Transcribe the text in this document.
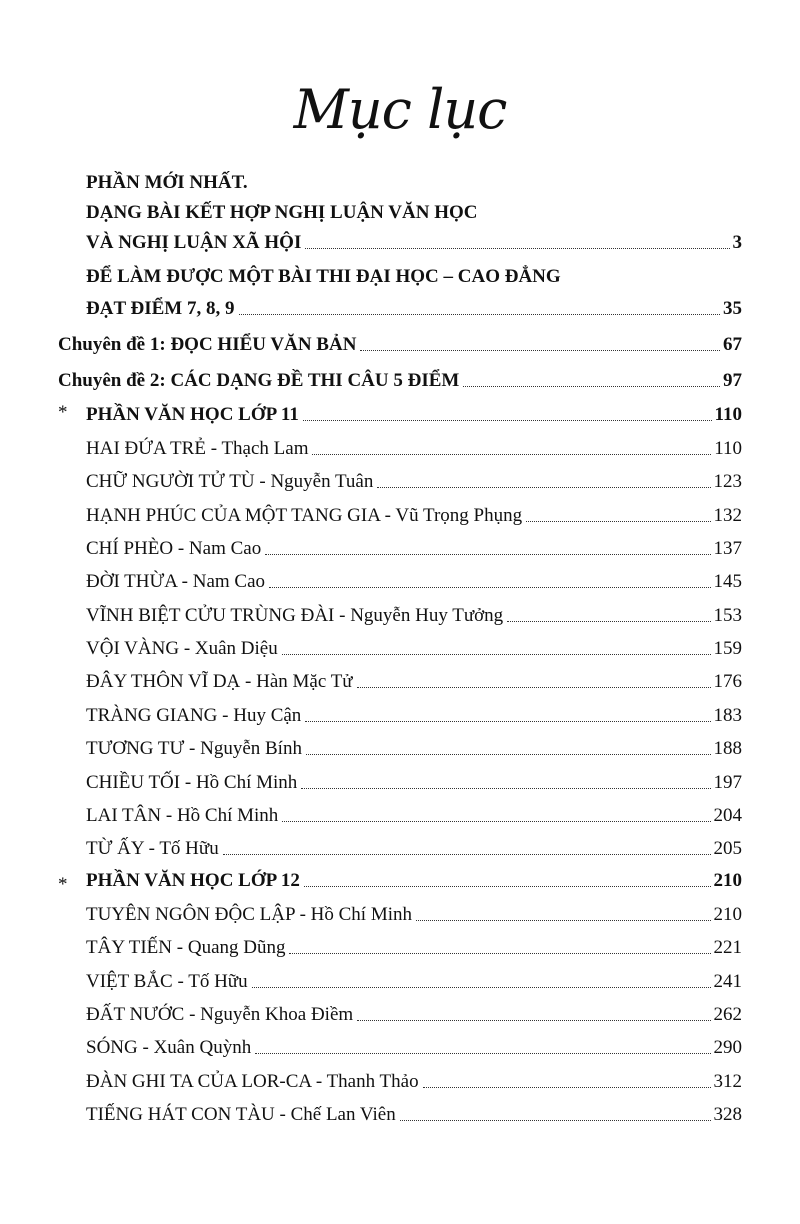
Mục lục
PHẦN MỚI NHẤT.
DẠNG BÀI KẾT HỢP NGHỊ LUẬN VĂN HỌC
VÀ NGHỊ LUẬN XÃ HỘI	3
ĐỂ LÀM ĐƯỢC MỘT BÀI THI ĐẠI HỌC – CAO ĐẲNG
ĐẠT ĐIỂM 7, 8, 9	35
Chuyên đề 1: ĐỌC HIỂU VĂN BẢN	67
Chuyên đề 2: CÁC DẠNG ĐỀ THI CÂU 5 ĐIỂM	97
* PHẦN VĂN HỌC LỚP 11	110
HAI ĐỨA TRẺ - Thạch Lam	110
CHỮ NGƯỜI TỬ TÙ - Nguyễn Tuân	123
HẠNH PHÚC CỦA MỘT TANG GIA - Vũ Trọng Phụng	132
CHÍ PHÈO - Nam Cao	137
ĐỜI THỪA - Nam Cao	145
VĨNH BIỆT CỬU TRÙNG ĐÀI - Nguyễn Huy Tưởng	153
VỘI VÀNG - Xuân Diệu	159
ĐÂY THÔN VĨ DẠ - Hàn Mặc Tử	176
TRÀNG GIANG - Huy Cận	183
TƯƠNG TƯ - Nguyễn Bính	188
CHIỀU TỐI - Hồ Chí Minh	197
LAI TÂN - Hồ Chí Minh	204
TỪ ẤY - Tố Hữu	205
* PHẦN VĂN HỌC LỚP 12	210
TUYÊN NGÔN ĐỘC LẬP - Hồ Chí Minh	210
TÂY TIẾN - Quang Dũng	221
VIỆT BẮC - Tố Hữu	241
ĐẤT NƯỚC - Nguyễn Khoa Điềm	262
SÓNG - Xuân Quỳnh	290
ĐÀN GHI TA CỦA LOR-CA - Thanh Thảo	312
TIẾNG HÁT CON TÀU - Chế Lan Viên	328
